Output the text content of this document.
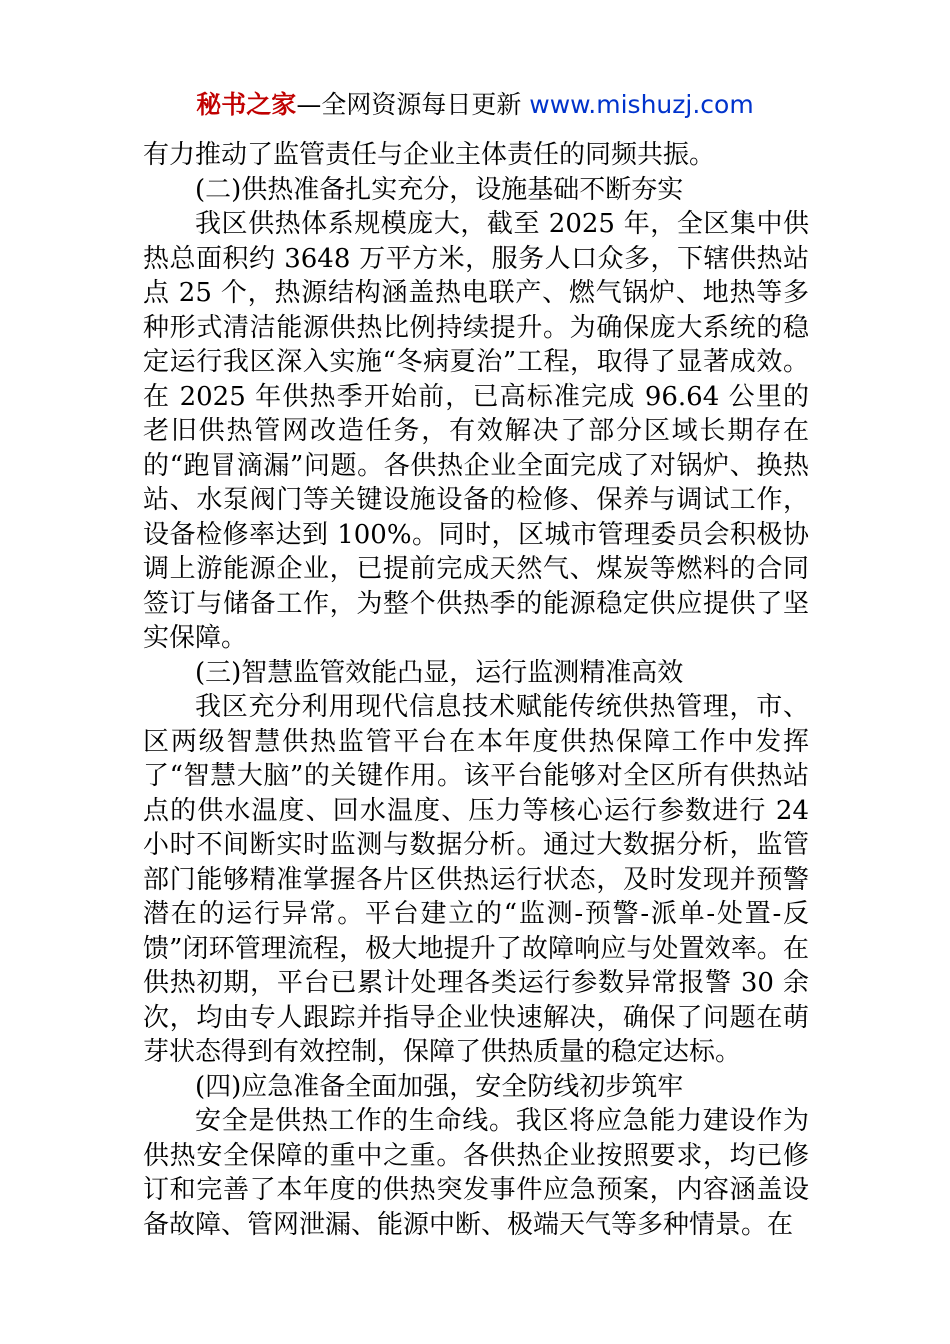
秘书之家—全网资源每日更新 www.mishuzj.com

有力推动了监管责任与企业主体责任的同频共振。

(二)供热准备扎实充分，设施基础不断夯实

我区供热体系规模庞大，截至 2025 年，全区集中供热总面积约 3648 万平方米，服务人口众多，下辖供热站点 25 个，热源结构涵盖热电联产、燃气锅炉、地热等多种形式清洁能源供热比例持续提升。为确保庞大系统的稳定运行我区深入实施“冬病夏治”工程，取得了显著成效。在 2025 年供热季开始前，已高标准完成 96.64 公里的老旧供热管网改造任务，有效解决了部分区域长期存在的“跑冒滴漏”问题。各供热企业全面完成了对锅炉、换热站、水泵阀门等关键设施设备的检修、保养与调试工作，设备检修率达到 100%。同时，区城市管理委员会积极协调上游能源企业，已提前完成天然气、煤炭等燃料的合同签订与储备工作，为整个供热季的能源稳定供应提供了坚实保障。

(三)智慧监管效能凸显，运行监测精准高效

我区充分利用现代信息技术赋能传统供热管理，市、区两级智慧供热监管平台在本年度供热保障工作中发挥了“智慧大脑”的关键作用。该平台能够对全区所有供热站点的供水温度、回水温度、压力等核心运行参数进行 24 小时不间断实时监测与数据分析。通过大数据分析，监管部门能够精准掌握各片区供热运行状态，及时发现并预警潜在的运行异常。平台建立的“监测-预警-派单-处置-反馈”闭环管理流程，极大地提升了故障响应与处置效率。在供热初期，平台已累计处理各类运行参数异常报警 30 余次，均由专人跟踪并指导企业快速解决，确保了问题在萌芽状态得到有效控制，保障了供热质量的稳定达标。

(四)应急准备全面加强，安全防线初步筑牢

安全是供热工作的生命线。我区将应急能力建设作为供热安全保障的重中之重。各供热企业按照要求，均已修订和完善了本年度的供热突发事件应急预案，内容涵盖设备故障、管网泄漏、能源中断、极端天气等多种情景。在
